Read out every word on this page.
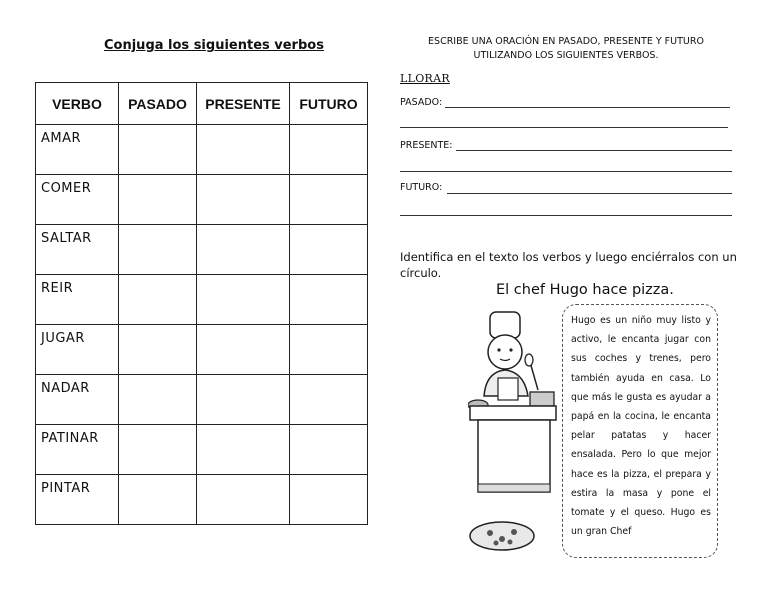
Conjuga los siguientes verbos
VERBO	PASADO	PRESENTE	FUTURO
AMAR			
COMER			
SALTAR			
REIR			
JUGAR			
NADAR			
PATINAR			
PINTAR			
ESCRIBE UNA ORACIÓN EN PASADO, PRESENTE Y FUTURO
UTILIZANDO LOS SIGUIENTES VERBOS.
LLORAR
PASADO:
PRESENTE:
FUTURO:
Identifica en el texto los verbos y luego enciérralos con un círculo.
El chef Hugo hace pizza.
Hugo es un niño muy listo y activo, le encanta jugar con sus coches y trenes, pero también ayuda en casa. Lo que más le gusta es ayudar a papá en la cocina, le encanta pelar patatas y hacer ensalada. Pero lo que mejor hace es la pizza, el prepara y estira la masa y pone el tomate y el queso. Hugo es un gran Chef
